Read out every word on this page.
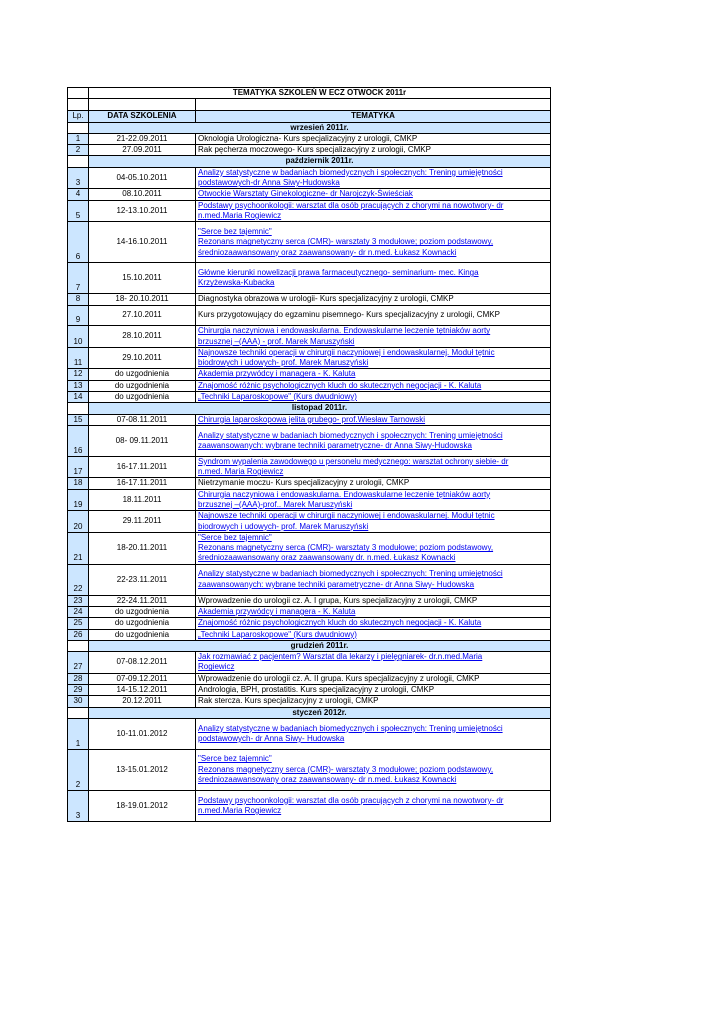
	TEMATYKA SZKOLEŃ W ECZ OTWOCK 2011r	

Lp.	DATA SZKOLENIA	TEMATYKA
	wrzesień 2011r.	
1	21-22.09.2011	Oknologia Urologiczna- Kurs specjalizacyjny z urologii, CMKP

2	27.09.2011	Rak pęcherza moczowego- Kurs specjalizacyjny z urologii, CMKP

	październik 2011r.	
3	04-05.10.2011	Analizy statystyczne w badaniach biomedycznych i społecznych: Trening umiejętności
podstawowych-dr Anna Siwy-Hudowska

4	08.10.2011	Otwockie Warsztaty Ginekologiczne- dr Narojczyk-Świeściak

5	12-13.10.2011	Podstawy psychoonkologii: warsztat dla osób pracujących z chorymi na nowotwory- dr
n.med.Maria Rogiewicz

6	14-16.10.2011	"Serce bez tajemnic"
Rezonans magnetyczny serca (CMR)- warsztaty 3 modułowe; poziom podstawowy,
średniozaawansowany oraz zaawansowany- dr n.med. Łukasz Kownacki

7	15.10.2011	Główne kierunki nowelizacji prawa farmaceutycznego- seminarium- mec. Kinga
Krzyżewska-Kubacka

8	18- 20.10.2011	Diagnostyka obrazowa w urologii- Kurs specjalizacyjny z urologii, CMKP

9	27.10.2011	Kurs przygotowujący do egzaminu pisemnego- Kurs specjalizacyjny z urologii, CMKP

10	28.10.2011	Chirurgia naczyniowa i endowaskularna. Endowaskularne leczenie tętniaków aorty
brzusznej –(AAA) - prof. Marek Maruszyński

11	29.10.2011	Najnowsze techniki operacji w chirurgii naczyniowej i endowaskularnej. Moduł tętnic
biodrowych i udowych- prof. Marek Maruszyński

12	do uzgodnienia	Akademia przywódcy i managera - K. Kaluta

13	do uzgodnienia	Znajomość różnic psychologicznych kluch do skutecznych negocjacji - K. Kaluta

14	do uzgodnienia	„Techniki Laparoskopowe" (Kurs dwudniowy)

	listopad 2011r.	
15	07-08.11.2011	Chirurgia laparoskopowa jelita grubego- prof.Wiesław Tarnowski

16	08- 09.11.2011	Analizy statystyczne w badaniach biomedycznych i społecznych: Trening umiejętności
zaawansowanych: wybrane techniki parametryczne- dr Anna Siwy-Hudowska

17	16-17.11.2011	Syndrom wypalenia zawodowego u personelu medycznego: warsztat ochrony siebie- dr
n.med. Maria Rogiewicz

18	16-17.11.2011	Nietrzymanie moczu- Kurs specjalizacyjny z urologii, CMKP

19	18.11.2011	Chirurgia naczyniowa i endowaskularna. Endowaskularne leczenie tętniaków aorty
brzusznej –(AAA)-prof.. Marek Maruszyński

20	29.11.2011	Najnowsze techniki operacji w chirurgii naczyniowej i endowaskularnej. Moduł tętnic
biodrowych i udowych- prof. Marek Maruszyński

21	18-20.11.2011	"Serce bez tajemnic"
Rezonans magnetyczny serca (CMR)- warsztaty 3 modułowe; poziom podstawowy,
średniozaawansowany oraz zaawansowany dr. n.med. Łukasz Kownacki

22	22-23.11.2011	Analizy statystyczne w badaniach biomedycznych i społecznych: Trening umiejętności
zaawansowanych: wybrane techniki parametryczne- dr Anna Siwy- Hudowska

23	22-24.11.2011	Wprowadzenie do urologii cz. A. I grupa, Kurs specjalizacyjny z urologii, CMKP

24	do uzgodnienia	Akademia przywódcy i managera - K. Kaluta

25	do uzgodnienia	Znajomość różnic psychologicznych kluch do skutecznych negocjacji - K. Kaluta

26	do uzgodnienia	„Techniki Laparoskopowe" (Kurs dwudniowy)

	grudzień 2011r.	
27	07-08.12.2011	Jak rozmawiać z pacjentem? Warsztat dla lekarzy i pielęgniarek- dr.n.med.Maria
Rogiewicz

28	07-09.12.2011	Wprowadzenie do urologii cz. A. II grupa. Kurs specjalizacyjny z urologii, CMKP

29	14-15.12.2011	Andrologia, BPH, prostatitis. Kurs specjalizacyjny z urologii, CMKP

30	20.12.2011	Rak stercza. Kurs specjalizacyjny z urologii, CMKP

	styczeń 2012r.	
1	10-11.01.2012	Analizy statystyczne w badaniach biomedycznych i społecznych: Trening umiejętności
podstawowych- dr Anna Siwy- Hudowska

2	13-15.01.2012	"Serce bez tajemnic"
Rezonans magnetyczny serca (CMR)- warsztaty 3 modułowe; poziom podstawowy,
średniozaawansowany oraz zaawansowany- dr n.med. Łukasz Kownacki

3	18-19.01.2012	Podstawy psychoonkologii: warsztat dla osób pracujących z chorymi na nowotwory- dr
n.med.Maria Rogiewicz
